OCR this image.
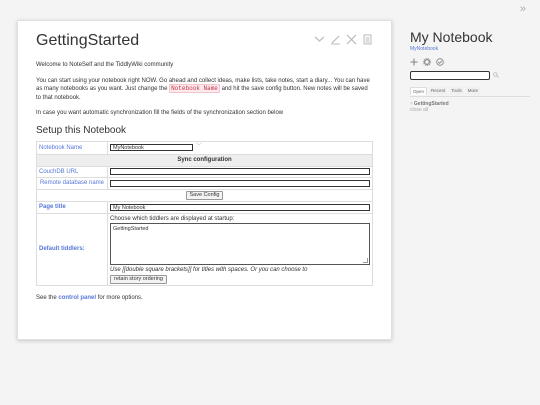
»
GettingStarted

Welcome to NoteSelf and the TiddlyWiki community

You can start using your notebook right NOW. Go ahead and collect ideas, make lists, take notes, start a diary... You can have as many notebooks as you want. Just change the Notebook Name and hit the save config button. New notes will be saved to that notebook.

In case you want automatic synchronization fill the fields of the synchronization section below

Setup this Notebook
Notebook Name	MyNotebook ﹀
Sync configuration	
CouchDB URL	

Remote database name	

Save Config	
Page title	My Notebook

Default tiddlers:	Choose which tiddlers are displayed at startup:
GettingStarted
Use [[double square brackets]] for titles with spaces. Or you can choose to
retain story ordering

See the control panel for more options.

My Notebook
MyNotebook
Open	Recent	Tools	More
×GettingStarted
close all
